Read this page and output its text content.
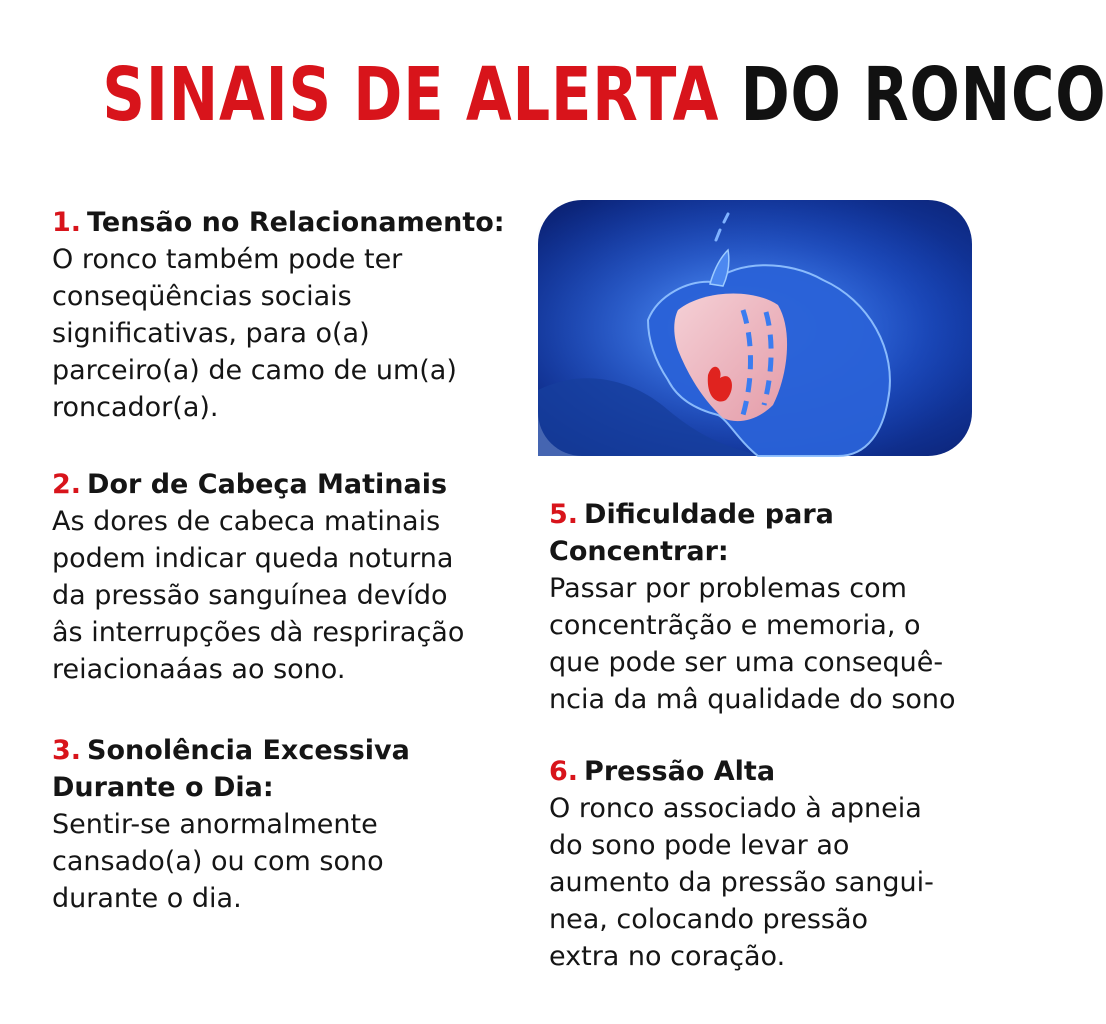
SINAIS DE ALERTA DO RONCO
1. Tensão no Relacionamento:
O ronco também pode ter
conseqüências sociais
significativas, para o(a)
parceiro(a) de camo de um(a)
roncador(a).
2. Dor de Cabeça Matinais
As dores de cabeca matinais
podem indicar queda noturna
da pressão sanguínea devído
âs interrupções dà respriração
reiacionaáas ao sono.
3. Sonolência Excessiva
Durante o Dia:
Sentir-se anormalmente
cansado(a) ou com sono
durante o dia.
5. Dificuldade para
Concentrar:
Passar por problemas com
concentrãção e memoria, o
que pode ser uma consequê-
ncia da mâ qualidade do sono
6. Pressão Alta
O ronco associado à apneia
do sono pode levar ao
aumento da pressão sangui-
nea, colocando pressão
extra no coração.
